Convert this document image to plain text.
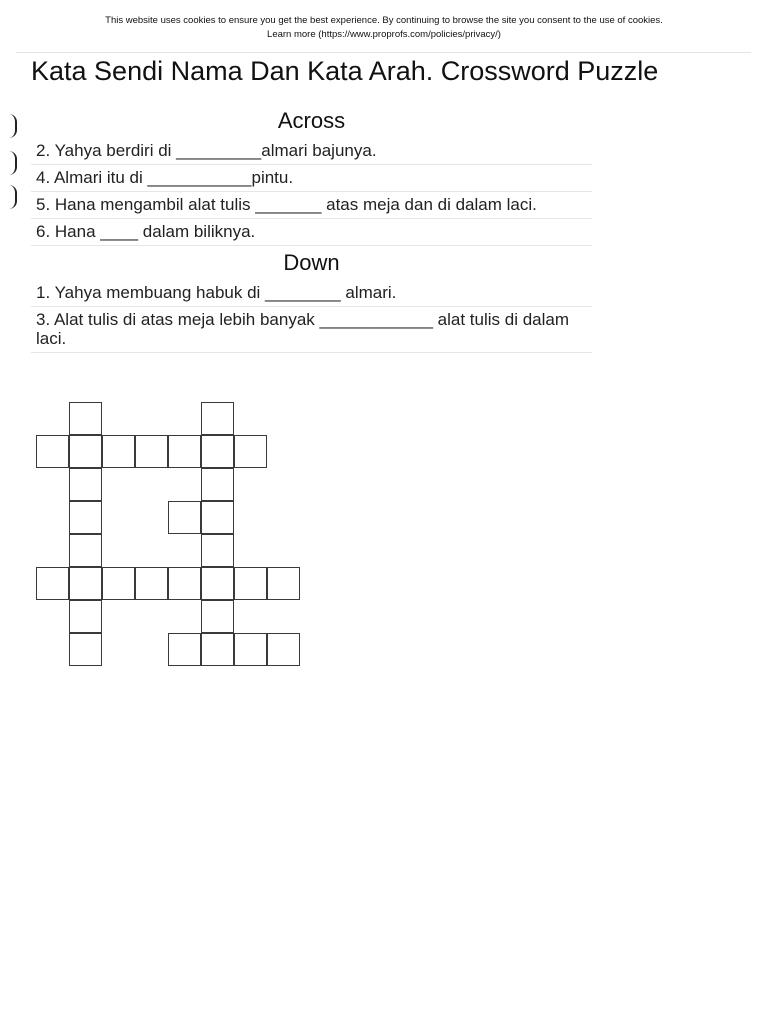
This website uses cookies to ensure you get the best experience. By continuing to browse the site you consent to the use of cookies.
Learn more (https://www.proprofs.com/policies/privacy/)
Kata Sendi Nama Dan Kata Arah. Crossword Puzzle
Across
2. Yahya berdiri di _________almari bajunya.
4. Almari itu di ___________pintu.
5. Hana mengambil alat tulis _______ atas meja dan di dalam laci.
6. Hana ____ dalam biliknya.
Down
1. Yahya membuang habuk di ________ almari.
3. Alat tulis di atas meja lebih banyak ____________ alat tulis di dalam laci.
